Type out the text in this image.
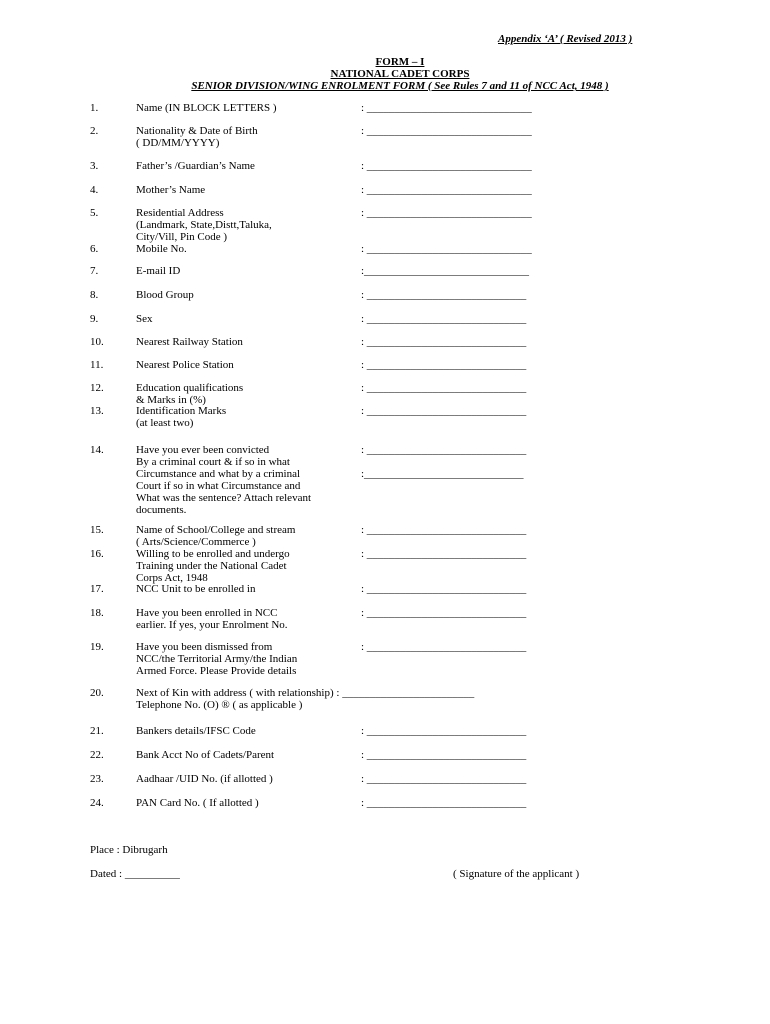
Appendix ‘A’ ( Revised 2013 )
FORM – I
NATIONAL CADET CORPS
SENIOR DIVISION/WING ENROLMENT FORM ( See Rules 7 and 11 of NCC Act, 1948 )
1.	Name (IN BLOCK LETTERS )	: ______________________________
2.	Nationality & Date of Birth
( DD/MM/YYYY)
: ______________________________
3.	Father’s /Guardian’s Name	: ______________________________
4.	Mother’s Name	: ______________________________
5.	Residential Address
(Landmark, State,Distt,Taluka,
City/Vill, Pin Code )
: ______________________________
6.	Mobile No.	: ______________________________
7.	E-mail ID	:______________________________
8.	Blood Group	: _____________________________
9.	Sex	: _____________________________
10.	Nearest Railway Station	: _____________________________
11.	Nearest Police Station	: _____________________________
12.	Education qualifications
& Marks in (%)
: _____________________________
13.	Identification Marks
(at least two)
: _____________________________
14.	Have you ever been convicted
By a criminal court & if so in what
Circumstance and what by a criminal
Court if so in what Circumstance and
What was the sentence? Attach relevant
documents.
: _____________________________
:_____________________________
15.	Name of School/College and stream
( Arts/Science/Commerce )
: _____________________________
16.	Willing to be enrolled and undergo
Training under the National Cadet
Corps Act, 1948
: _____________________________
17.	NCC Unit to be enrolled in	: _____________________________
18.	Have you been enrolled in NCC
earlier. If yes, your Enrolment No.
: _____________________________
19.	Have you been dismissed from
NCC/the Territorial Army/the Indian
Armed Force. Please Provide details
: _____________________________
20.	Next of Kin with address ( with relationship) : ________________________
Telephone No. (O) ® ( as applicable )
21.	Bankers details/IFSC Code	: _____________________________
22.	Bank Acct No of Cadets/Parent	: _____________________________
23.	Aadhaar /UID No. (if allotted )	: _____________________________
24.	PAN Card No. ( If allotted )	: _____________________________
Place : Dibrugarh
Dated : __________	( Signature of the applicant )
